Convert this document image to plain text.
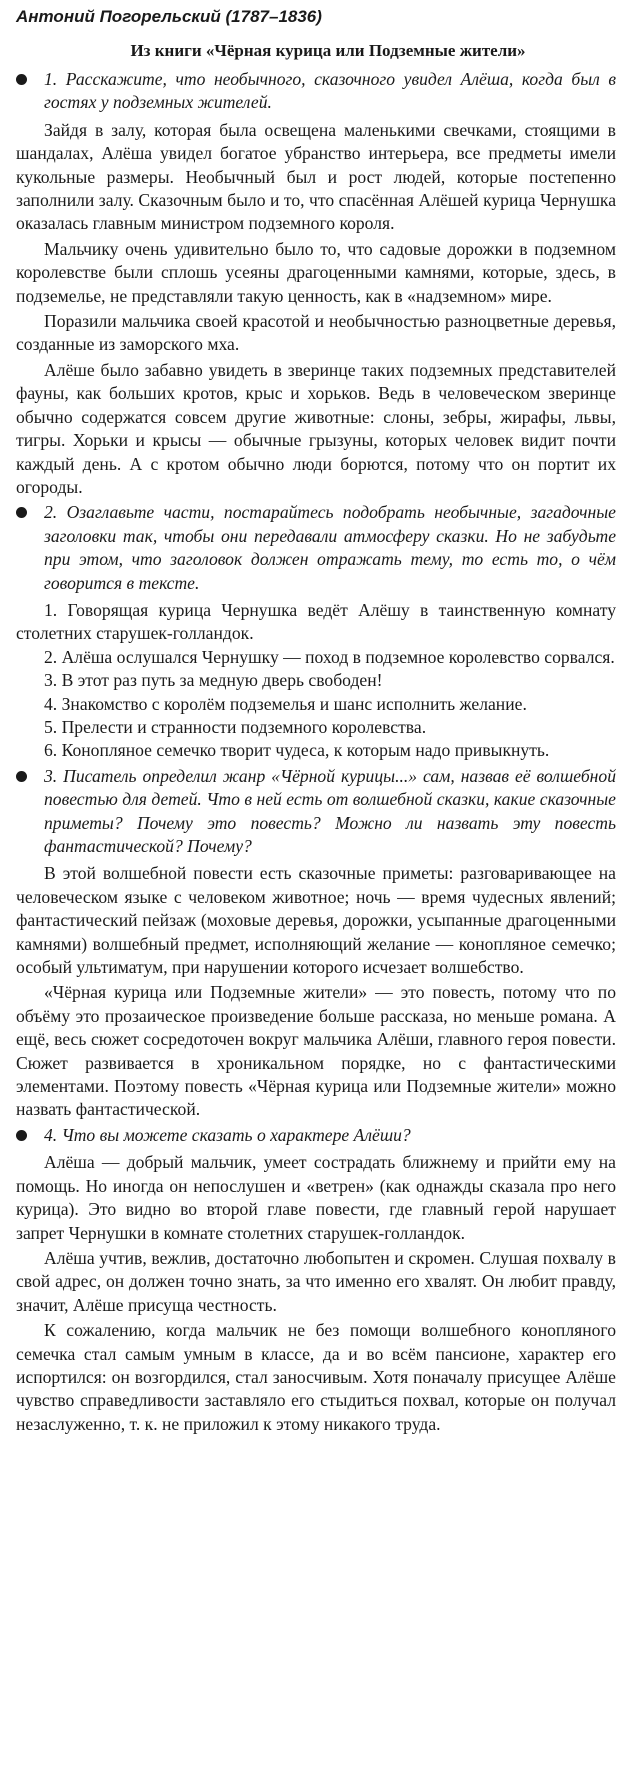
Антоний Погорельский (1787–1836)
Из книги «Чёрная курица или Подземные жители»
1. Расскажите, что необычного, сказочного увидел Алёша, когда был в гостях у подземных жителей.
Зайдя в залу, которая была освещена маленькими свечками, стоящими в шандалах, Алёша увидел богатое убранство интерьера, все предметы имели кукольные размеры. Необычный был и рост людей, которые постепенно заполнили залу. Сказочным было и то, что спасённая Алёшей курица Чернушка оказалась главным министром подземного короля.
Мальчику очень удивительно было то, что садовые дорожки в подземном королевстве были сплошь усеяны драгоценными камнями, которые, здесь, в подземелье, не представляли такую ценность, как в «надземном» мире.
Поразили мальчика своей красотой и необычностью разноцветные деревья, созданные из заморского мха.
Алёше было забавно увидеть в зверинце таких подземных представителей фауны, как больших кротов, крыс и хорьков. Ведь в человеческом зверинце обычно содержатся совсем другие животные: слоны, зебры, жирафы, львы, тигры. Хорьки и крысы — обычные грызуны, которых человек видит почти каждый день. А с кротом обычно люди борются, потому что он портит их огороды.
2. Озаглавьте части, постарайтесь подобрать необычные, загадочные заголовки так, чтобы они передавали атмосферу сказки. Но не забудьте при этом, что заголовок должен отражать тему, то есть то, о чём говорится в тексте.
1. Говорящая курица Чернушка ведёт Алёшу в таинственную комнату столетних старушек-голландок.
2. Алёша ослушался Чернушку — поход в подземное королевство сорвался.
3. В этот раз путь за медную дверь свободен!
4. Знакомство с королём подземелья и шанс исполнить желание.
5. Прелести и странности подземного королевства.
6. Конопляное семечко творит чудеса, к которым надо привыкнуть.
3. Писатель определил жанр «Чёрной курицы...» сам, назвав её волшебной повестью для детей. Что в ней есть от волшебной сказки, какие сказочные приметы? Почему это повесть? Можно ли назвать эту повесть фантастической? Почему?
В этой волшебной повести есть сказочные приметы: разговаривающее на человеческом языке с человеком животное; ночь — время чудесных явлений; фантастический пейзаж (моховые деревья, дорожки, усыпанные драгоценными камнями) волшебный предмет, исполняющий желание — конопляное семечко; особый ультиматум, при нарушении которого исчезает волшебство.
«Чёрная курица или Подземные жители» — это повесть, потому что по объёму это прозаическое произведение больше рассказа, но меньше романа. А ещё, весь сюжет сосредоточен вокруг мальчика Алёши, главного героя повести. Сюжет развивается в хроникальном порядке, но с фантастическими элементами. Поэтому повесть «Чёрная курица или Подземные жители» можно назвать фантастической.
4. Что вы можете сказать о характере Алёши?
Алёша — добрый мальчик, умеет сострадать ближнему и прийти ему на помощь. Но иногда он непослушен и «ветрен» (как однажды сказала про него курица). Это видно во второй главе повести, где главный герой нарушает запрет Чернушки в комнате столетних старушек-голландок.
Алёша учтив, вежлив, достаточно любопытен и скромен. Слушая похвалу в свой адрес, он должен точно знать, за что именно его хвалят. Он любит правду, значит, Алёше присуща честность.
К сожалению, когда мальчик не без помощи волшебного конопляного семечка стал самым умным в классе, да и во всём пансионе, характер его испортился: он возгордился, стал заносчивым. Хотя поначалу присущее Алёше чувство справедливости заставляло его стыдиться похвал, которые он получал незаслуженно, т. к. не приложил к этому никакого труда.
